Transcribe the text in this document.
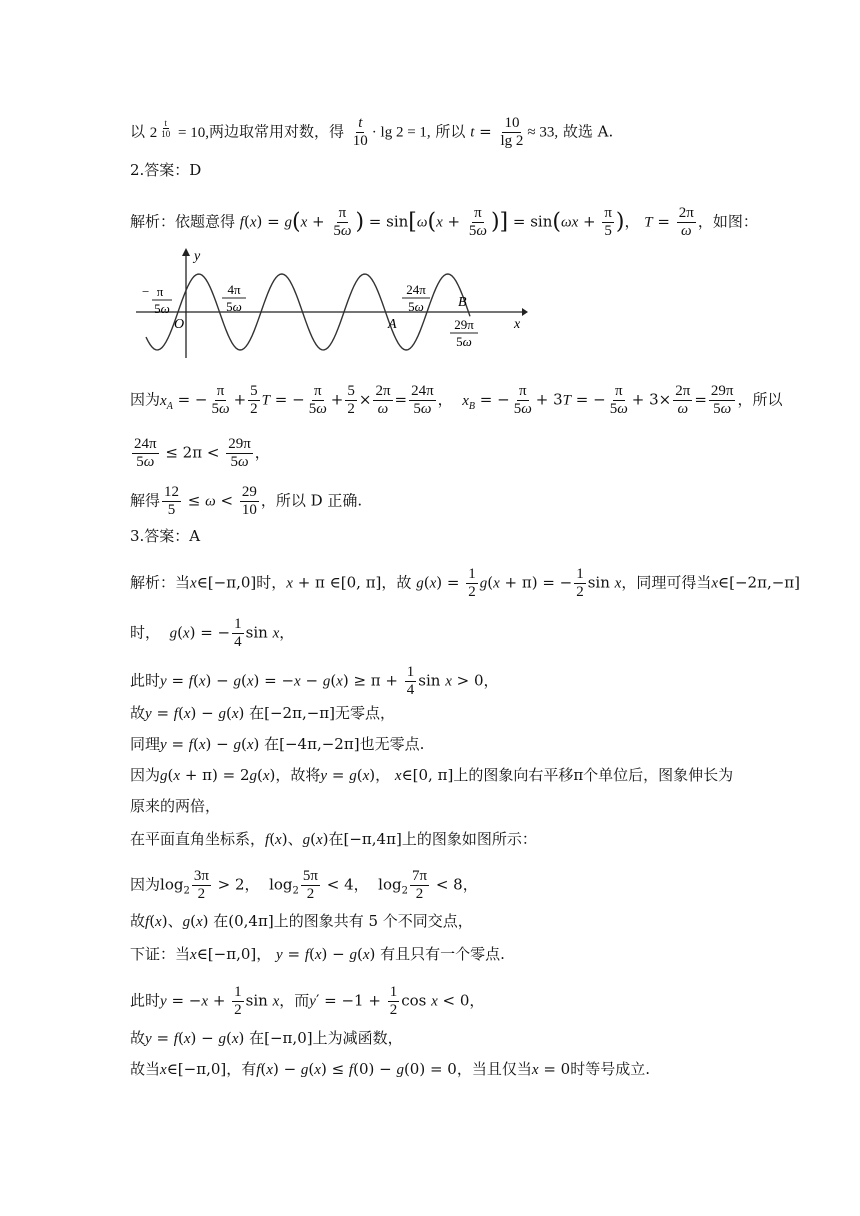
以 2 $^{\frac{t}{10}}$ = 10,两边取常用对数，得 $\frac{t}{10} \cdot \lg 2 = 1$, 所以 $t = \frac{10}{\lg 2} \approx 33$, 故选 A.
2.答案：D
解析：依题意得 $f(x) = g(x + \frac{\pi}{5\omega}$ ) = $\sin[\omega(x + \frac{\pi}{5\omega}$ )] = $\sin(\omega x + \frac{\pi}{5}$ )， $T = \frac{2\pi}{\omega}$ ，如图：
y
x
O	A
B
− π
5ω
4π
5ω
24π
5ω
29π
5ω
因为$x_A$ = − $\frac{\pi}{5\omega} + \frac{5}{2}$ T = − $\frac{\pi}{5\omega} + \frac{5}{2} \times \frac{2\pi}{\omega} = \frac{24\pi}{5\omega}$ ，  $x_B$ = − $\frac{\pi}{5\omega} + 3T$ = − $\frac{\pi}{5\omega} + 3\times \frac{2\pi}{\omega} = \frac{29\pi}{5\omega}$ ，所以
$\frac{24\pi}{5\omega} \le 2\pi < \frac{29\pi}{5\omega}$ ，
解得 $\frac{12}{5} \le \omega < \frac{29}{10}$ ，所以 D 正确.
3.答案：A
解析：当x∈[−π,0]时，x + π ∈[0, π]，故 $g(x) = \frac{1}{2} g(x + \pi)$ = − $\frac{1}{2}$ sin x，同理可得当x∈[−2π,−π]
时， g(x) = − $\frac{1}{4}$ sin x，
此时$y = f(x) - g(x) = -x - g(x) \ge \pi + \frac{1}{4}$ sin x > 0，
故y = f(x) − g(x) 在[−2π,−π]无零点，
同理y = f(x) − g(x) 在[−4π,−2π]也无零点.
因为g(x + π) = 2g(x)，故将y = g(x)， x∈[0, π]上的图象向右平移π个单位后，图象伸长为
原来的两倍，
在平面直角坐标系，f(x)、g(x)在[−π,4π]上的图象如图所示：
因为$\log_2 \frac{3\pi}{2} > 2$，  $\log_2 \frac{5\pi}{2} < 4$，  $\log_2 \frac{7\pi}{2} < 8$，
故f(x)、g(x) 在(0,4π]上的图象共有 5 个不同交点，
下证：当x∈[−π,0]， y = f(x) − g(x) 有且只有一个零点.
此时$y = -x + \frac{1}{2}$ sin x，而$y' = -1 + \frac{1}{2}$ cos x < 0，
故y = f(x) − g(x) 在[−π,0]上为减函数，
故当x∈[−π,0]，有f(x) − g(x) ≤ f(0) − g(0) = 0，当且仅当x = 0时等号成立.
